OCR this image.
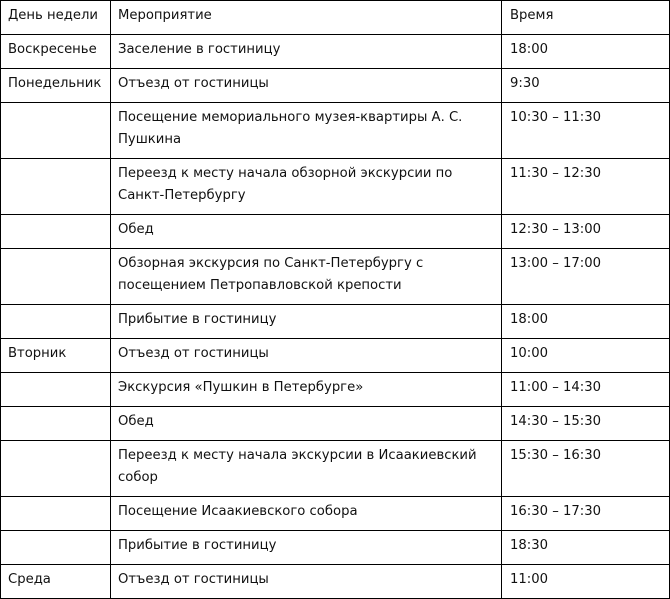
День недели	Мероприятие	Время
Воскресенье	Заселение в гостиницу	18:00
Понедельник	Отъезд от гостиницы	9:30
	Посещение мемориального музея-квартиры А. С. Пушкина	10:30 – 11:30
	Переезд к месту начала обзорной экскурсии по Санкт-Петербургу	11:30 – 12:30
	Обед	12:30 – 13:00
	Обзорная экскурсия по Санкт-Петербургу с посещением Петропавловской крепости	13:00 – 17:00
	Прибытие в гостиницу	18:00
Вторник	Отъезд от гостиницы	10:00
	Экскурсия «Пушкин в Петербурге»	11:00 – 14:30
	Обед	14:30 – 15:30
	Переезд к месту начала экскурсии в Исаакиевский собор	15:30 – 16:30
	Посещение Исаакиевского собора	16:30 – 17:30
	Прибытие в гостиницу	18:30
Среда	Отъезд от гостиницы	11:00
